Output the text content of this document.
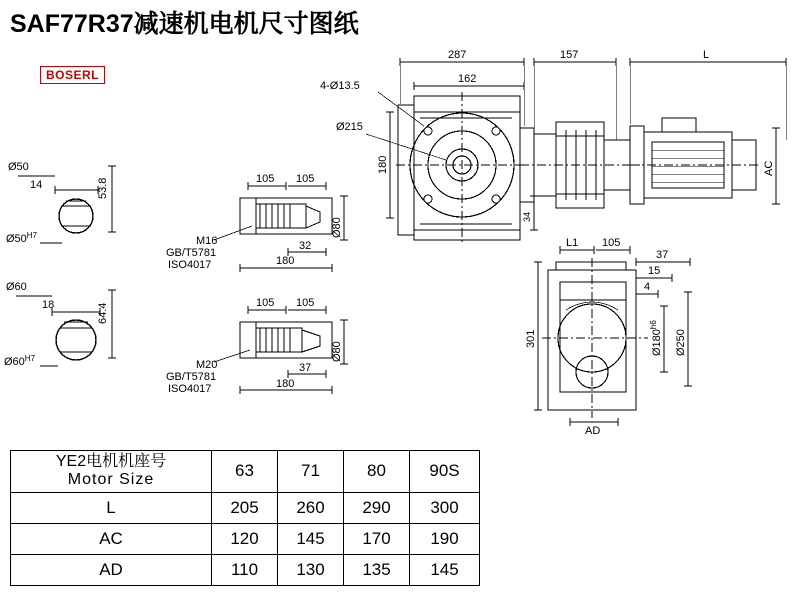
SAF77R37减速机电机尺寸图纸
BOSERL
Ø50
$Ø50^{H7}$
14	53.8
Ø60
$Ø60^{H7}$
18	64.4
105 105
32
180
Ø80
M16
GB/T5781
ISO4017
105 105
37
180
Ø80
M20
GB/T5781
ISO4017
287
162
157	L
4-Ø13.5
Ø215
180
34
AC
L1 105
37
15
4
301	$Ø180^{h6}$
Ø250
AD
YE2电机机座号
Motor Size	63	71	80	90S
L	205	260	290	300
AC	120	145	170	190
AD	110	130	135	145
